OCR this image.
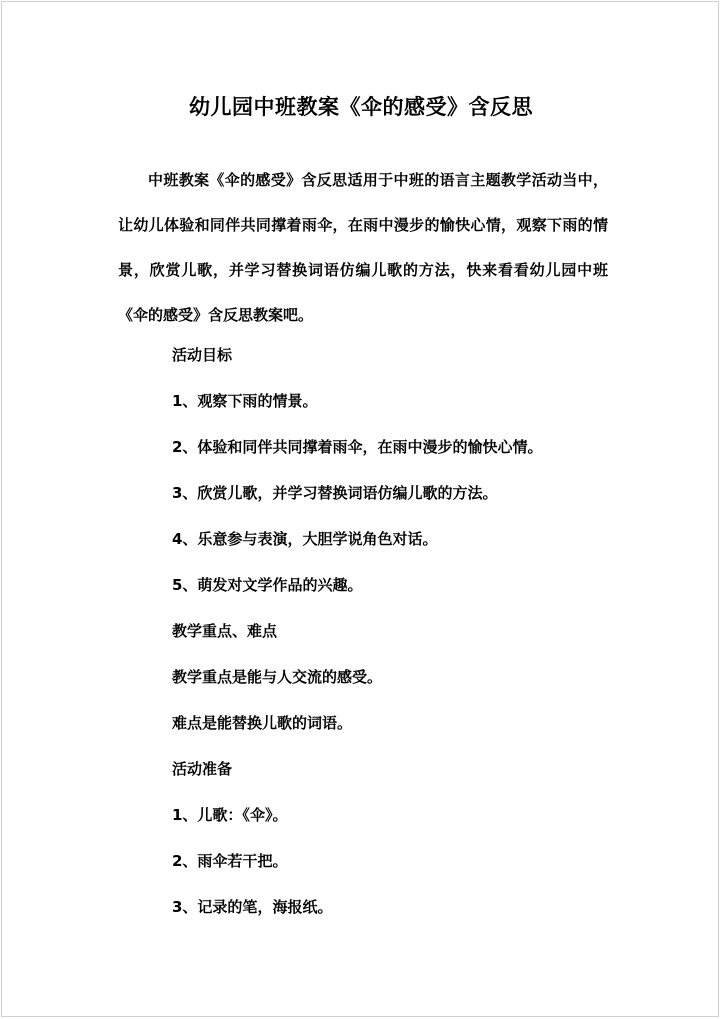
幼儿园中班教案《伞的感受》含反思
中班教案《伞的感受》含反思适用于中班的语言主题教学活动当中，让幼儿体验和同伴共同撑着雨伞，在雨中漫步的愉快心情，观察下雨的情景，欣赏儿歌，并学习替换词语仿编儿歌的方法，快来看看幼儿园中班《伞的感受》含反思教案吧。
活动目标
1、观察下雨的情景。
2、体验和同伴共同撑着雨伞，在雨中漫步的愉快心情。
3、欣赏儿歌，并学习替换词语仿编儿歌的方法。
4、乐意参与表演，大胆学说角色对话。
5、萌发对文学作品的兴趣。
教学重点、难点
教学重点是能与人交流的感受。
难点是能替换儿歌的词语。
活动准备
1、儿歌：《伞》。
2、雨伞若干把。
3、记录的笔，海报纸。
